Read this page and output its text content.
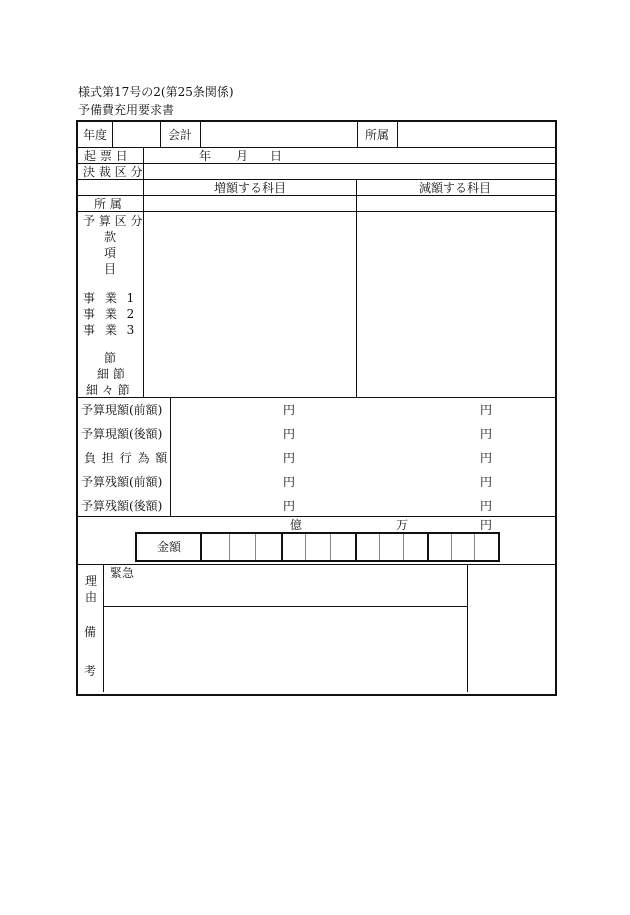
様式第17号の2(第25条関係)
予備費充用要求書
年度	会計	所属
起 票 日	年 月 日
決 裁 区 分
増額する科目	減額する科目
所 属
予 算 区 分
款
項
目
事 業 1
事 業 2
事 業 3
節
細 節
細 々 節
予算現額(前額)	円	円
予算現額(後額)	円	円
負 担 行 為 額	円	円
予算残額(前額)	円	円
予算残額(後額)	円	円
億	万	円
金額
理
由
緊急
備
考
